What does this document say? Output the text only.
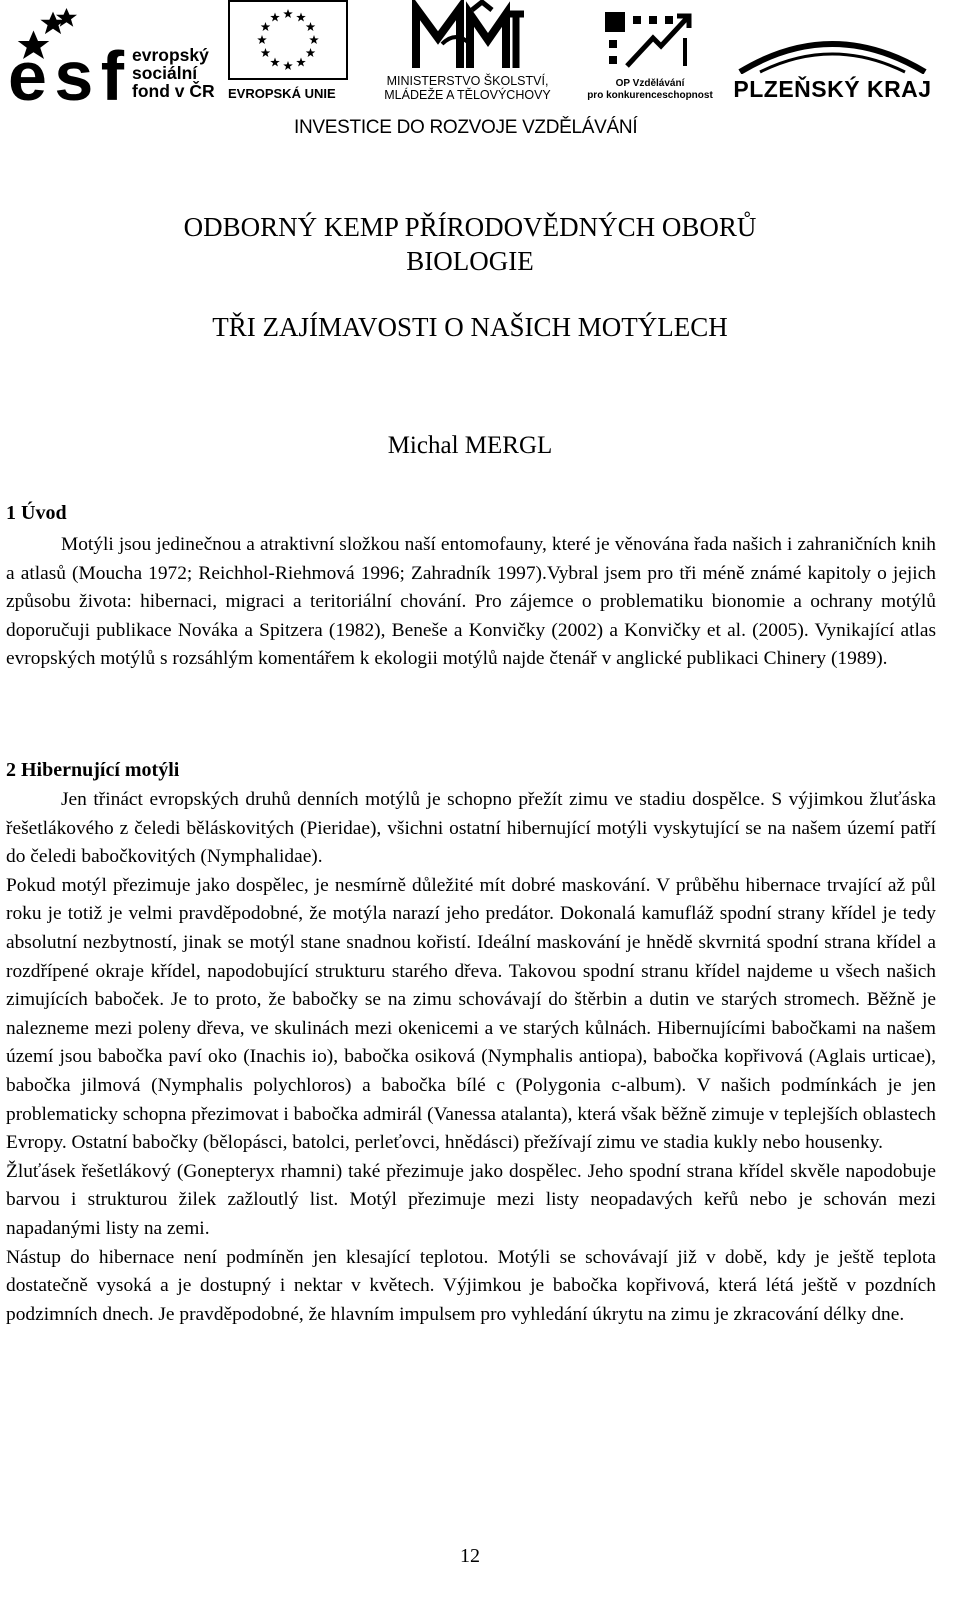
esf evropský
sociální
fond v ČR EVROPSKÁ UNIE
MINISTERSTVO ŠKOLSTVÍ,
MLÁDEŽE A TĚLOVÝCHOVY
OP Vzdělávání
pro konkurenceschopnost PLZEŇSKÝ KRAJ
INVESTICE DO ROZVOJE VZDĚLÁVÁNÍ
ODBORNÝ KEMP PŘÍRODOVĚDNÝCH OBORŮ
BIOLOGIE
TŘI ZAJÍMAVOSTI O NAŠICH MOTÝLECH
Michal MERGL
1 Úvod

Motýli jsou jedinečnou a atraktivní složkou naší entomofauny, které je věnována řada našich i zahraničních knih a atlasů (Moucha 1972; Reichhol-Riehmová 1996; Zahradník 1997).Vybral jsem pro tři méně známé kapitoly o jejich způsobu života: hibernaci, migraci a teritoriální chování. Pro zájemce o problematiku bionomie a ochrany motýlů doporučuji publikace Nováka a Spitzera (1982), Beneše a Konvičky (2002) a Konvičky et al. (2005). Vynikající atlas evropských motýlů s rozsáhlým komentářem k ekologii motýlů najde čtenář v anglické publikaci Chinery (1989).

2 Hibernující motýli

Jen třináct evropských druhů denních motýlů je schopno přežít zimu ve stadiu dospělce. S výjimkou žluťáska řešetlákového z čeledi běláskovitých (Pieridae), všichni ostatní hibernující motýli vyskytující se na našem území patří do čeledi babočkovitých (Nymphalidae).

Pokud motýl přezimuje jako dospělec, je nesmírně důležité mít dobré maskování. V průběhu hibernace trvající až půl roku je totiž je velmi pravděpodobné, že motýla narazí jeho predátor. Dokonalá kamufláž spodní strany křídel je tedy absolutní nezbytností, jinak se motýl stane snadnou kořistí. Ideální maskování je hnědě skvrnitá spodní strana křídel a rozdřípené okraje křídel, napodobující strukturu starého dřeva. Takovou spodní stranu křídel najdeme u všech našich zimujících baboček. Je to proto, že babočky se na zimu schovávají do štěrbin a dutin ve starých stromech. Běžně je nalezneme mezi poleny dřeva, ve skulinách mezi okenicemi a ve starých kůlnách. Hibernujícími babočkami na našem území jsou babočka paví oko (Inachis io), babočka osiková (Nymphalis antiopa), babočka kopřivová (Aglais urticae), babočka jilmová (Nymphalis polychloros) a babočka bílé c (Polygonia c-album). V našich podmínkách je jen problematicky schopna přezimovat i babočka admirál (Vanessa atalanta), která však běžně zimuje v teplejších oblastech Evropy. Ostatní babočky (bělopásci, batolci, perleťovci, hnědásci) přežívají zimu ve stadia kukly nebo housenky.

Žluťásek řešetlákový (Gonepteryx rhamni) také přezimuje jako dospělec. Jeho spodní strana křídel skvěle napodobuje barvou i strukturou žilek zažloutlý list. Motýl přezimuje mezi listy neopadavých keřů nebo je schován mezi napadanými listy na zemi.

Nástup do hibernace není podmíněn jen klesající teplotou. Motýli se schovávají již v době, kdy je ještě teplota dostatečně vysoká a je dostupný i nektar v květech. Výjimkou je babočka kopřivová, která létá ještě v pozdních podzimních dnech. Je pravděpodobné, že hlavním impulsem pro vyhledání úkrytu na zimu je zkracování délky dne.

12
